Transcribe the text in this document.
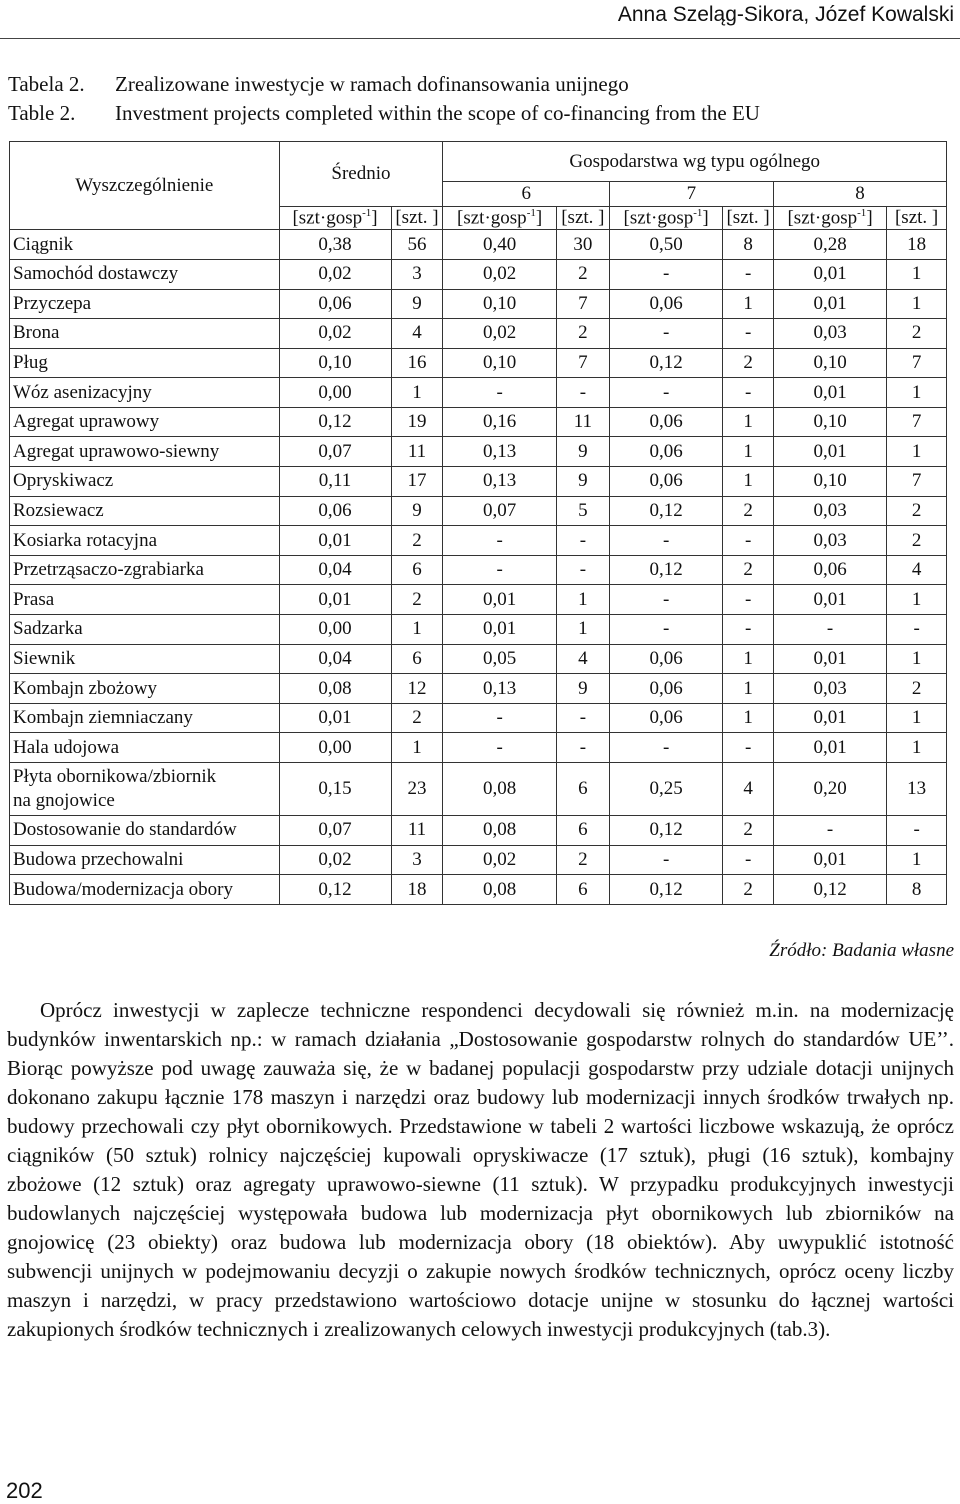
Anna Szeląg-Sikora, Józef Kowalski
Tabela 2.	Zrealizowane inwestycje w ramach dofinansowania unijnego
Table 2.	Investment projects completed within the scope of co-financing from the EU
Wyszczególnienie	Średnio		Gospodarstwa wg typu ogólnego					
			6		7		8	
	[szt·gosp$^{-1}$]	[szt. ]	[szt·gosp$^{-1}$]	[szt. ]	[szt·gosp$^{-1}$]	[szt. ]	[szt·gosp$^{-1}$]	[szt. ]
Ciągnik	0,38	56	0,40	30	0,50	8	0,28	18
Samochód dostawczy	0,02	3	0,02	2	-	-	0,01	1
Przyczepa	0,06	9	0,10	7	0,06	1	0,01	1
Brona	0,02	4	0,02	2	-	-	0,03	2
Pług	0,10	16	0,10	7	0,12	2	0,10	7
Wóz asenizacyjny	0,00	1	-	-	-	-	0,01	1
Agregat uprawowy	0,12	19	0,16	11	0,06	1	0,10	7
Agregat uprawowo-siewny	0,07	11	0,13	9	0,06	1	0,01	1
Opryskiwacz	0,11	17	0,13	9	0,06	1	0,10	7
Rozsiewacz	0,06	9	0,07	5	0,12	2	0,03	2
Kosiarka rotacyjna	0,01	2	-	-	-	-	0,03	2
Przetrząsaczo-zgrabiarka	0,04	6	-	-	0,12	2	0,06	4
Prasa	0,01	2	0,01	1	-	-	0,01	1
Sadzarka	0,00	1	0,01	1	-	-	-	-
Siewnik	0,04	6	0,05	4	0,06	1	0,01	1
Kombajn zbożowy	0,08	12	0,13	9	0,06	1	0,03	2
Kombajn ziemniaczany	0,01	2	-	-	0,06	1	0,01	1
Hala udojowa	0,00	1	-	-	-	-	0,01	1

Płyta obornikowa/zbiornik
na gnojowice	0,15	23	0,08	6	0,25	4	0,20	13
Dostosowanie do standardów	0,07	11	0,08	6	0,12	2	-	-
Budowa przechowalni	0,02	3	0,02	2	-	-	0,01	1
Budowa/modernizacja obory	0,12	18	0,08	6	0,12	2	0,12	8
Źródło: Badania własne

Oprócz inwestycji w zaplecze techniczne respondenci decydowali się również m.in. na modernizację budynków inwentarskich np.: w ramach działania „Dostosowanie gospodarstw rolnych do standardów UE’’. Biorąc powyższe pod uwagę zauważa się, że w badanej populacji gospodarstw przy udziale dotacji unijnych dokonano zakupu łącznie 178 maszyn i narzędzi oraz budowy lub modernizacji innych środków trwałych np. budowy przechowali czy płyt obornikowych. Przedstawione w tabeli 2 wartości liczbowe wskazują, że oprócz ciągników (50 sztuk) rolnicy najczęściej kupowali opryskiwacze (17 sztuk), pługi (16 sztuk), kombajny zbożowe (12 sztuk) oraz agregaty uprawowo-siewne (11 sztuk). W przypadku produkcyjnych inwestycji budowlanych najczęściej występowała budowa lub modernizacja płyt obornikowych lub zbiorników na gnojowicę (23 obiekty) oraz budowa lub modernizacja obory (18 obiektów). Aby uwypuklić istotność subwencji unijnych w podejmowaniu decyzji o zakupie nowych środków technicznych, oprócz oceny liczby maszyn i narzędzi, w pracy przedstawiono wartościowo dotacje unijne w stosunku do łącznej wartości zakupionych środków technicznych i zrealizowanych celowych inwestycji produkcyjnych (tab.3).

202
